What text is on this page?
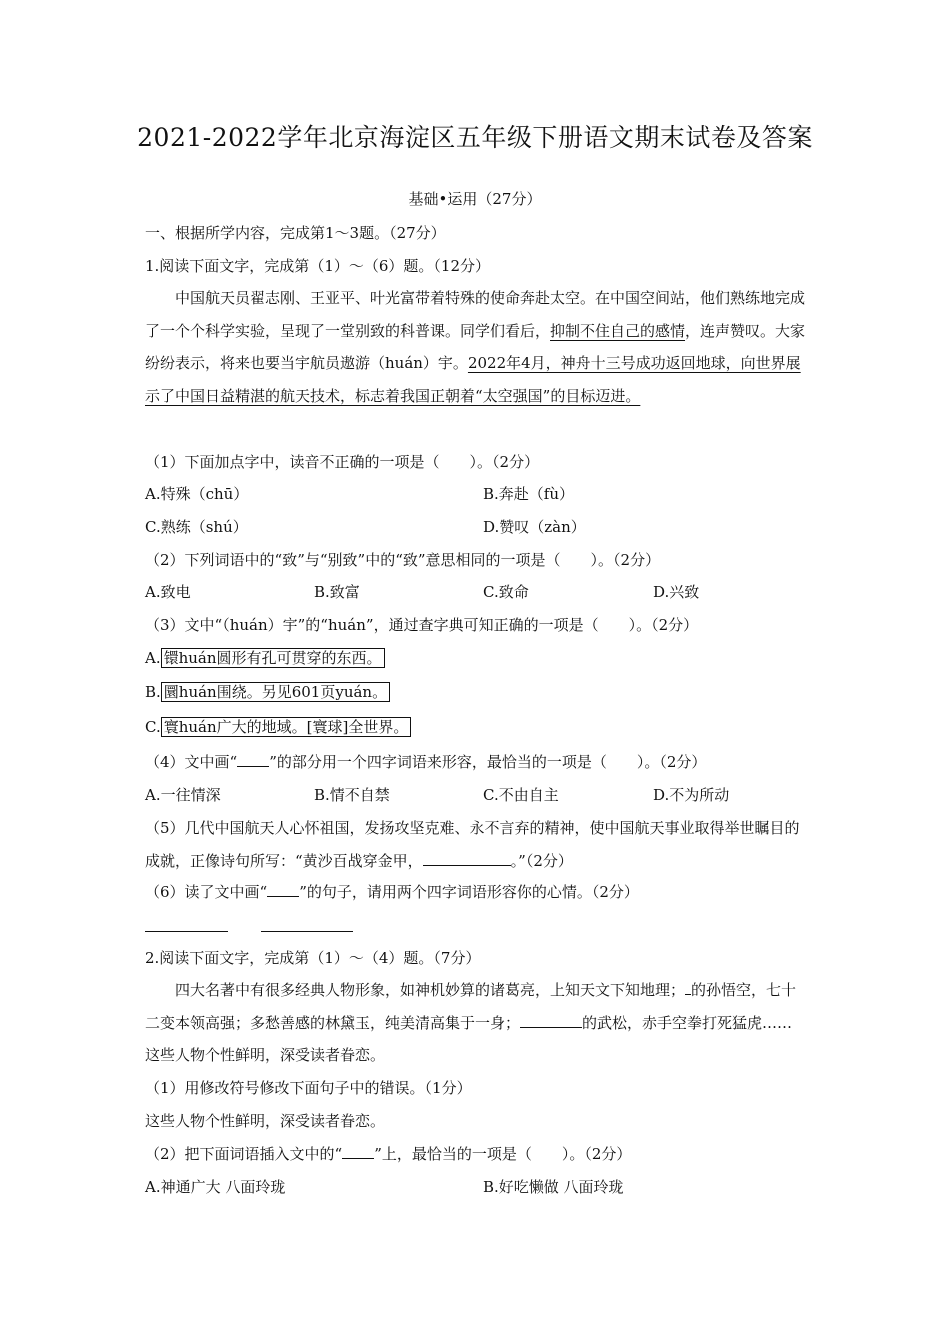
2021-2022学年北京海淀区五年级下册语文期末试卷及答案
基础•运用（27分）
一、根据所学内容，完成第1～3题。（27分）
1.阅读下面文字，完成第（1）～（6）题。（12分）
中国航天员翟志刚、王亚平、叶光富带着特殊的使命奔赴太空。在中国空间站，他们熟练地完成了一个个科学实验，呈现了一堂别致的科普课。同学们看后，抑制不住自己的感情，连声赞叹。大家纷纷表示，将来也要当宇航员遨游（huán）宇。2022年4月，神舟十三号成功返回地球，向世界展示了中国日益精湛的航天技术，标志着我国正朝着“太空强国”的目标迈进。
（1）下面加点字中，读音不正确的一项是（　　）。（2分）
A.特殊（chū）	B.奔赴（fù）
C.熟练（shú）	D.赞叹（zàn）
（2）下列词语中的“致”与“别致”中的“致”意思相同的一项是（　　）。（2分）
A.致电	B.致富	C.致命	D.兴致
（3）文中“（huán）宇”的“huán”，通过查字典可知正确的一项是（　　）。（2分）
A. 镮huán圆形有孔可贯穿的东西。
B. 圜huán围绕。另见601页yuán。
C. 寰huán广大的地域。[寰球]全世界。
（4）文中画“ ”的部分用一个四字词语来形容，最恰当的一项是（　　）。（2分）
A.一往情深	B.情不自禁	C.不由自主	D.不为所动
（5）几代中国航天人心怀祖国，发扬攻坚克难、永不言弃的精神，使中国航天事业取得举世瞩目的成就，正像诗句所写：“黄沙百战穿金甲，	。”（2分）
（6）读了文中画“ ”的句子，请用两个四字词语形容你的心情。（2分）
2.阅读下面文字，完成第（1）～（4）题。（7分）
四大名著中有很多经典人物形象，如神机妙算的诸葛亮，上知天文下知地理； 的孙悟空，七十二变本领高强；多愁善感的林黛玉，纯美清高集于一身；	的武松，赤手空拳打死猛虎……这些人物个性鲜明，深受读者眷恋。
（1）用修改符号修改下面句子中的错误。（1分）
这些人物个性鲜明，深受读者眷恋。
（2）把下面词语插入文中的“ ”上，最恰当的一项是（　　）。（2分）
A.神通广大 八面玲珑	B.好吃懒做 八面玲珑
